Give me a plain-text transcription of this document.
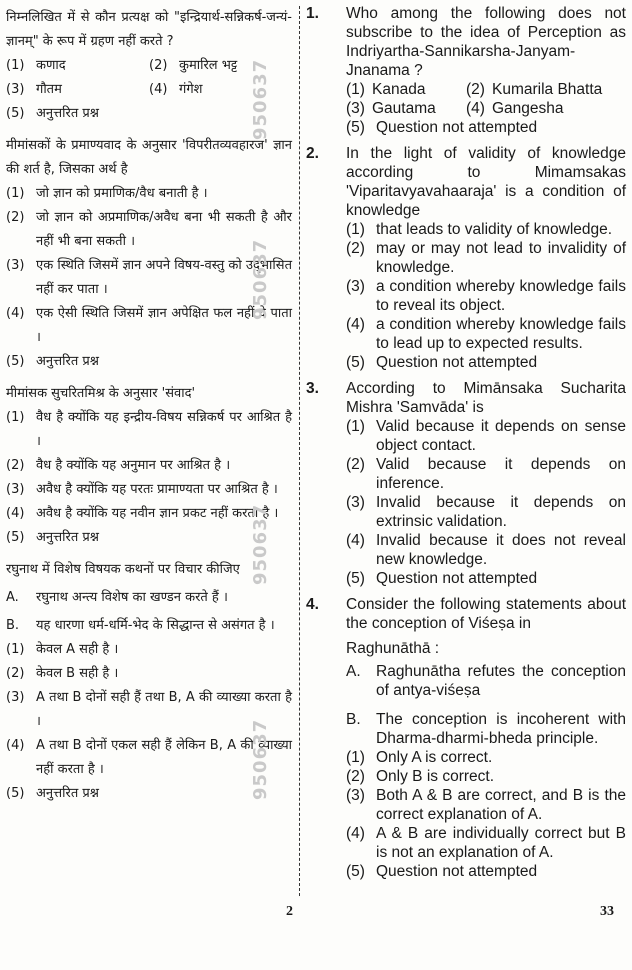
निम्नलिखित में से कौन प्रत्यक्ष को "इन्द्रियार्थ-सन्निकर्ष-जन्यं-ज्ञानम्" के रूप में ग्रहण नहीं करते ?
(1) कणाद	(2) कुमारिल भट्ट
(3) गौतम	(4) गंगेश
(5) अनुत्तरित प्रश्न
मीमांसकों के प्रमाण्यवाद के अनुसार 'विपरीतव्यवहारज' ज्ञान की शर्त है, जिसका अर्थ है
(1) जो ज्ञान को प्रमाणिक/वैध बनाती है ।
(2) जो ज्ञान को अप्रमाणिक/अवैध बना भी सकती है और नहीं भी बना सकती ।
(3) एक स्थिति जिसमें ज्ञान अपने विषय-वस्तु को उद्‌भासित नहीं कर पाता ।
(4) एक ऐसी स्थिति जिसमें ज्ञान अपेक्षित फल नहीं दे पाता ।
(5) अनुत्तरित प्रश्न
मीमांसक सुचरितमिश्र के अनुसार 'संवाद'
(1) वैध है क्योंकि यह इन्द्रीय-विषय सन्निकर्ष पर आश्रित है ।
(2) वैध है क्योंकि यह अनुमान पर आश्रित है ।
(3) अवैध है क्योंकि यह परतः प्रामाण्यता पर आश्रित है ।
(4) अवैध है क्योंकि यह नवीन ज्ञान प्रकट नहीं करता है ।
(5) अनुत्तरित प्रश्न
रघुनाथ में विशेष विषयक कथनों पर विचार कीजिए
A.	रघुनाथ अन्त्य विशेष का खण्डन करते हैं ।
B.	यह धारणा धर्म-धर्मि-भेद के सिद्धान्त से असंगत है ।
(1) केवल A सही है ।
(2) केवल B सही है ।
(3) A तथा B दोनों सही हैं तथा B, A की व्याख्या करता है ।
(4) A तथा B दोनों एकल सही हैं लेकिन B, A की व्याख्या नहीं करता है ।
(5) अनुत्तरित प्रश्न
1.	Who among the following does not subscribe to the idea of Perception as Indriyartha-Sannikarsha-Janyam-Jnanama ?
(1) Kanada	(2) Kumarila Bhatta
(3) Gautama	(4) Gangesha
(5) Question not attempted
2.	In the light of validity of knowledge according to Mimamsakas 'Viparitavyavahaaraja' is a condition of knowledge
(1) that leads to validity of knowledge.
(2) may or may not lead to invalidity of knowledge.
(3) a condition whereby knowledge fails to reveal its object.
(4) a condition whereby knowledge fails to lead up to expected results.
(5) Question not attempted
3.	According to Mimānsaka Sucharita Mishra 'Samvāda' is
(1) Valid because it depends on sense object contact.
(2) Valid because it depends on inference.
(3) Invalid because it depends on extrinsic validation.
(4) Invalid because it does not reveal new knowledge.
(5) Question not attempted
4.	Consider the following statements about the conception of Viśeṣa in
Raghunāthā :
A. Raghunātha refutes the conception of antya-viśeṣa
B. The conception is incoherent with Dharma-dharmi-bheda principle.
(1) Only A is correct.
(2) Only B is correct.
(3) Both A & B are correct, and B is the correct explanation of A.
(4) A & B are individually correct but B is not an explanation of A.
(5) Question not attempted
950637
950637
950637
950637
2	33
